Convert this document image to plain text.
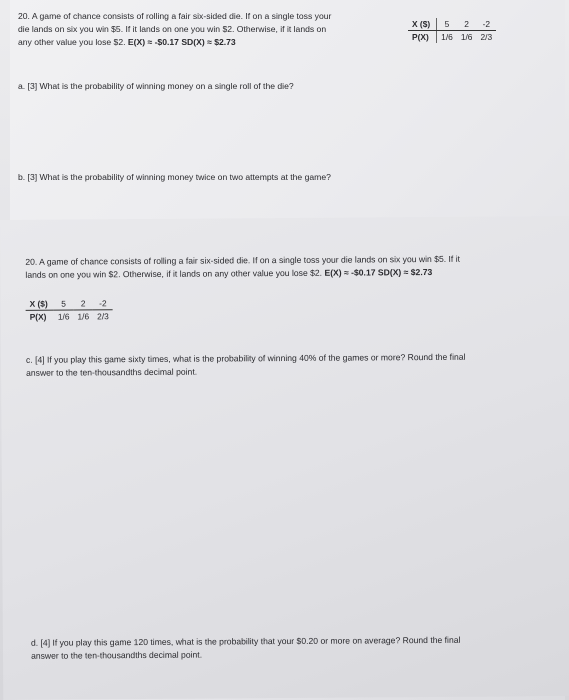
20. A game of chance consists of rolling a fair six-sided die. If on a single toss your
die lands on six you win $5. If it lands on one you win $2. Otherwise, if it lands on
any other value you lose $2. E(X) ≈ -$0.17 SD(X) ≈ $2.73
X ($)	5	2	-2
P(X)	1/6	1/6	2/3
a. [3] What is the probability of winning money on a single roll of the die?
b. [3] What is the probability of winning money twice on two attempts at the game?
20. A game of chance consists of rolling a fair six-sided die. If on a single toss your die lands on six you win $5. If it
lands on one you win $2. Otherwise, if it lands on any other value you lose $2. E(X) ≈ -$0.17 SD(X) ≈ $2.73
X ($)	5	2	-2
P(X)	1/6	1/6	2/3
c. [4] If you play this game sixty times, what is the probability of winning 40% of the games or more? Round the final
answer to the ten-thousandths decimal point.
d. [4] If you play this game 120 times, what is the probability that your $0.20 or more on average? Round the final
answer to the ten-thousandths decimal point.
